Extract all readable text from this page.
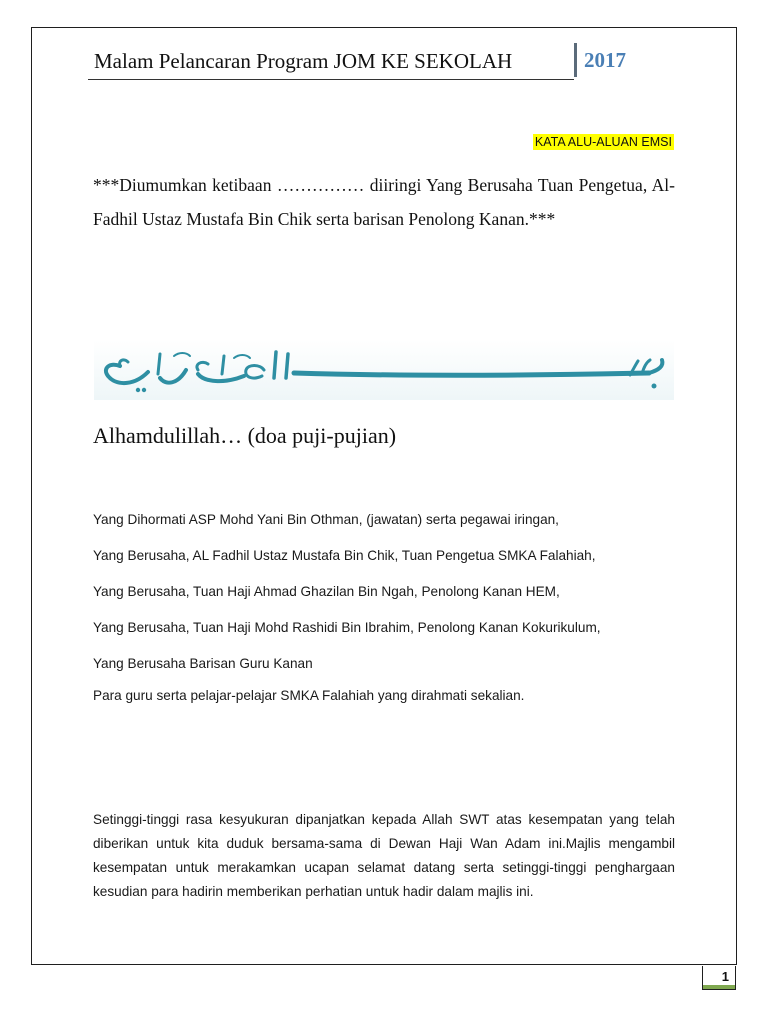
Malam Pelancaran Program JOM KE SEKOLAH	2017
KATA ALU-ALUAN EMSI
***Diumumkan ketibaan …………… diiringi Yang Berusaha Tuan Pengetua, Al-Fadhil Ustaz Mustafa Bin Chik serta barisan Penolong Kanan.***
Alhamdulillah… (doa puji-pujian)
Yang Dihormati ASP Mohd Yani Bin Othman, (jawatan) serta pegawai iringan,
Yang Berusaha, AL Fadhil Ustaz Mustafa Bin Chik, Tuan Pengetua SMKA Falahiah,
Yang Berusaha, Tuan Haji Ahmad Ghazilan Bin Ngah, Penolong Kanan HEM,
Yang Berusaha, Tuan Haji Mohd Rashidi Bin Ibrahim, Penolong Kanan Kokurikulum,
Yang Berusaha Barisan Guru Kanan
Para guru serta pelajar-pelajar SMKA Falahiah yang dirahmati sekalian.
Setinggi-tinggi rasa kesyukuran dipanjatkan kepada Allah SWT atas kesempatan yang telah diberikan untuk kita duduk bersama-sama di Dewan Haji Wan Adam ini.Majlis mengambil kesempatan untuk merakamkan ucapan selamat datang serta setinggi-tinggi penghargaan kesudian para hadirin memberikan perhatian untuk hadir dalam majlis ini.
1
